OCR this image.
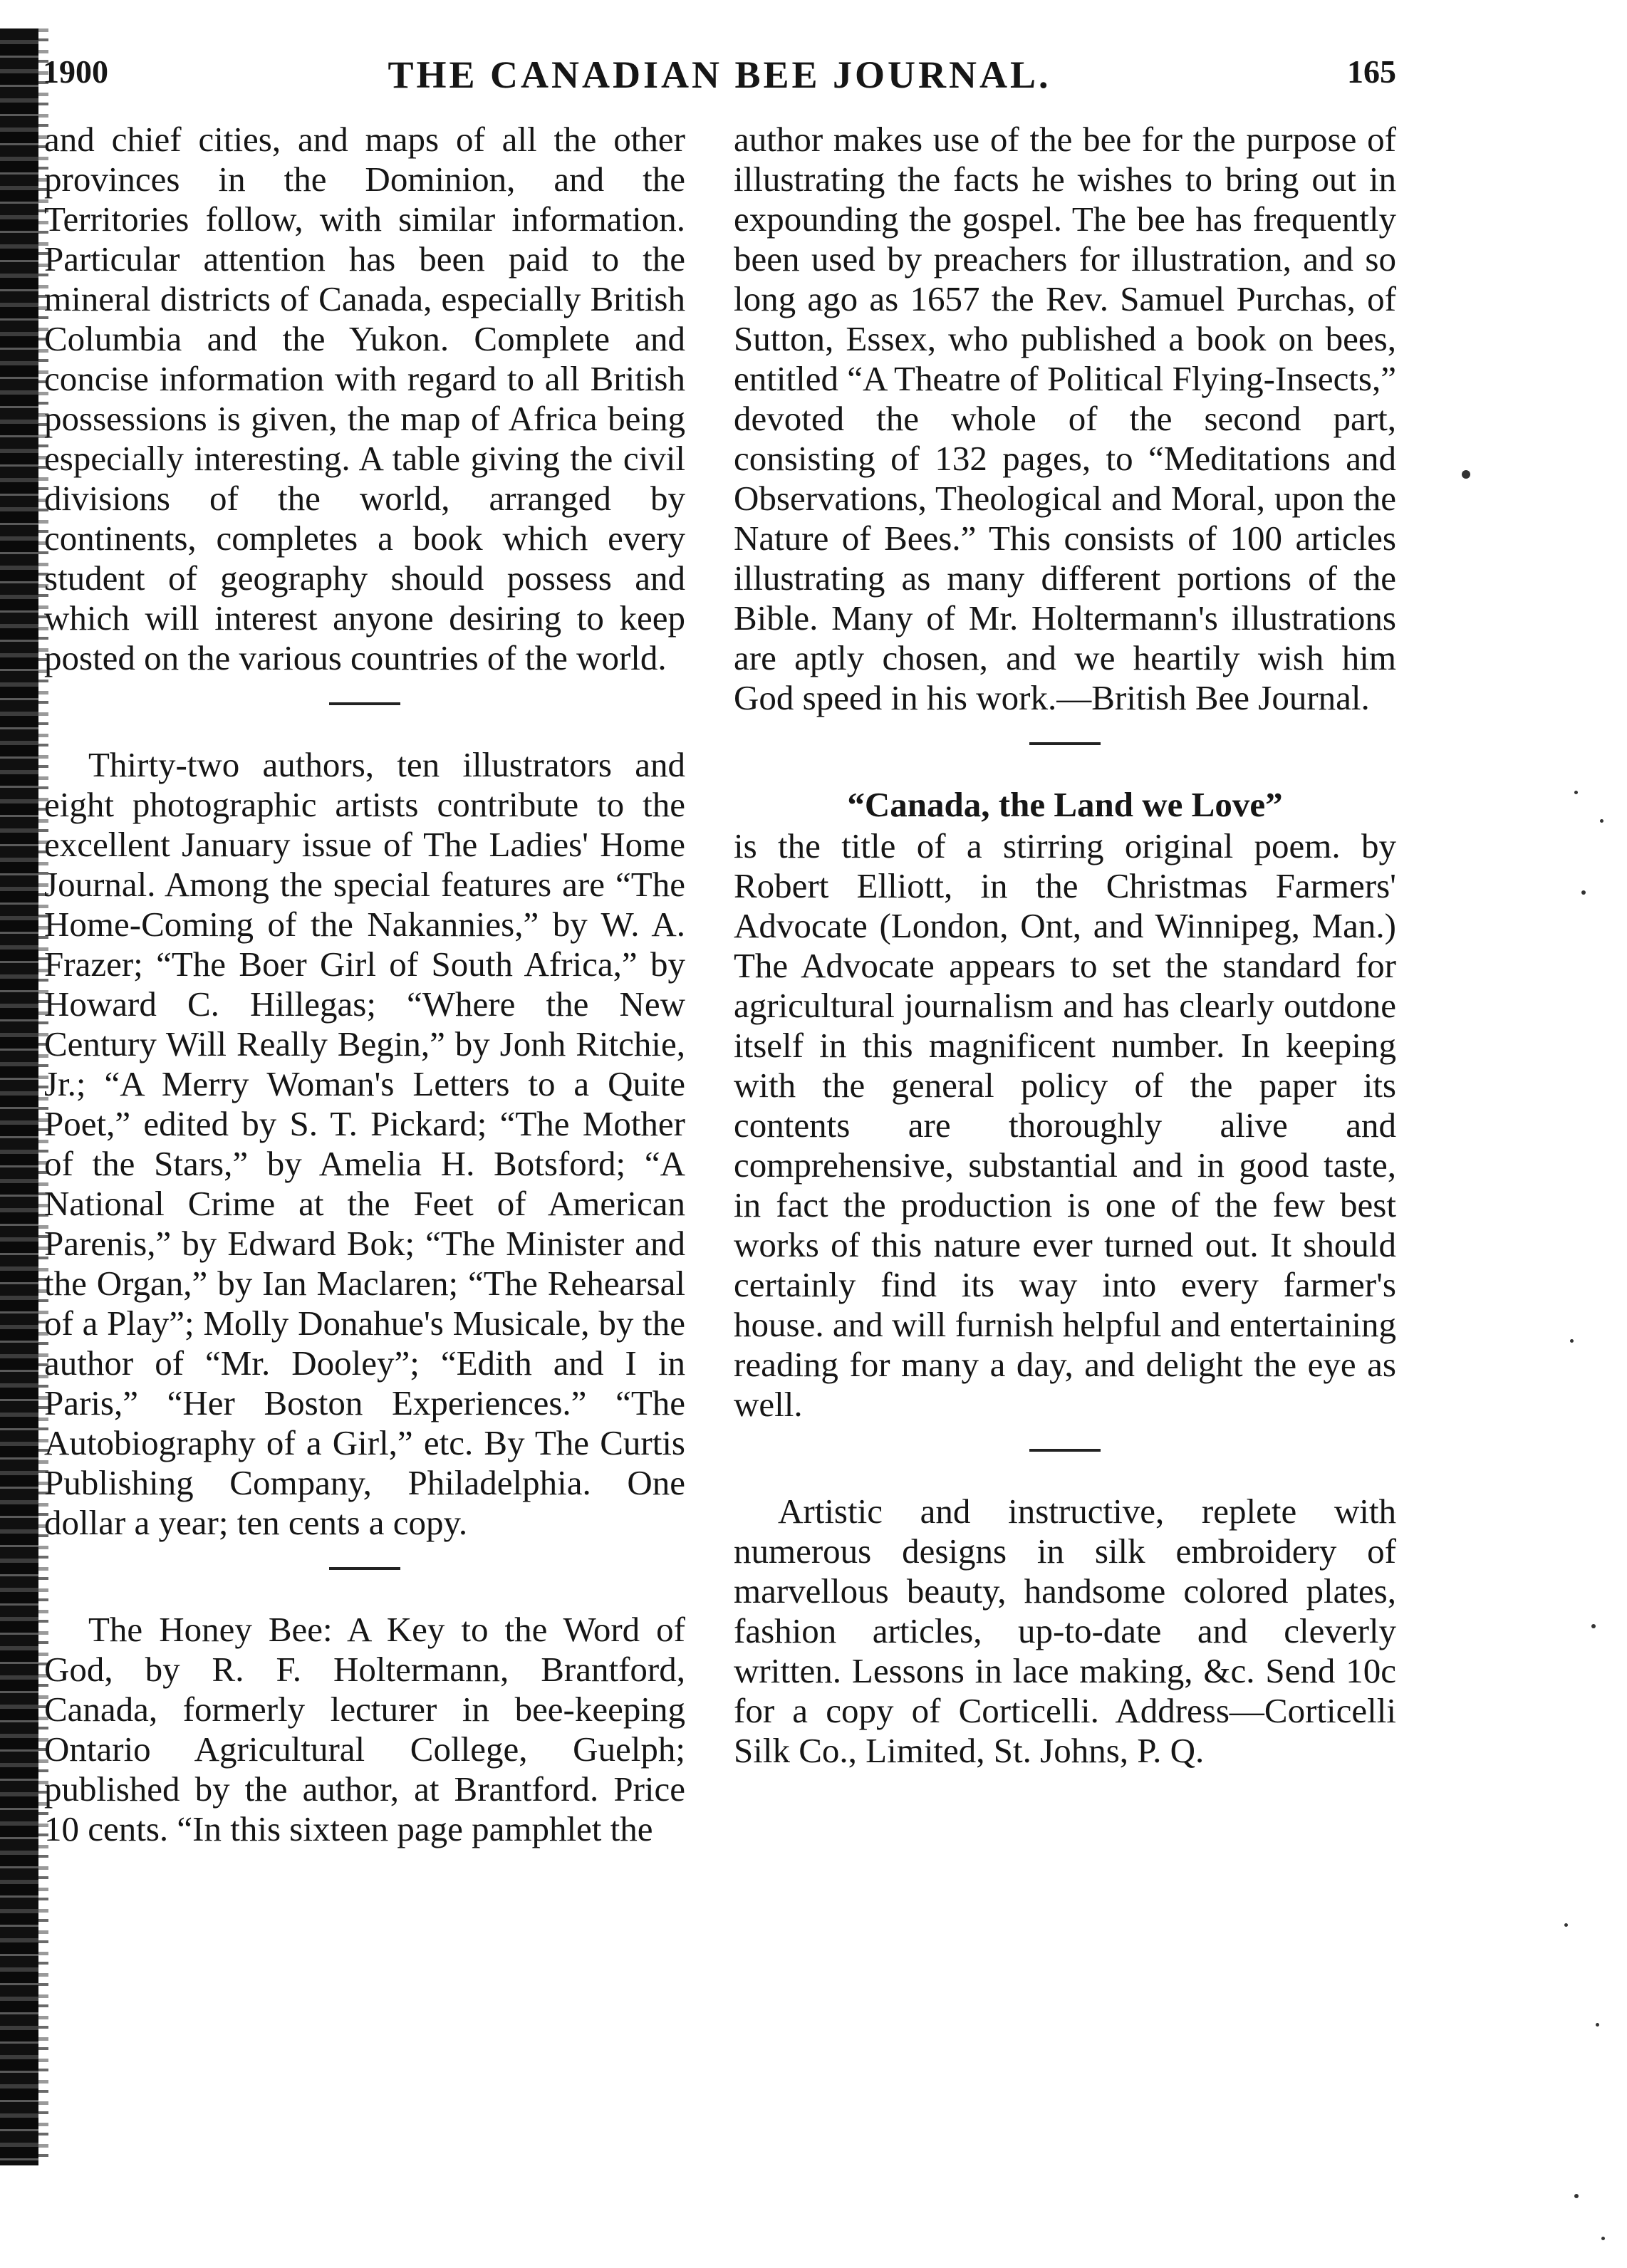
1900	THE CANADIAN BEE JOURNAL.	165

and chief cities, and maps of all the other provinces in the Dominion, and the Territories follow, with similar information. Particular attention has been paid to the mineral districts of Canada, especially British Columbia and the Yukon. Complete and concise information with regard to all British possessions is given, the map of Africa being especially interesting. A table giving the civil divisions of the world, arranged by continents, completes a book which every student of geography should possess and which will interest anyone desiring to keep posted on the various countries of the world.

Thirty-two authors, ten illustrators and eight photographic artists contribute to the excellent January issue of The Ladies' Home Journal. Among the special features are “The Home-Coming of the Nakannies,” by W. A. Frazer; “The Boer Girl of South Africa,” by Howard C. Hillegas; “Where the New Century Will Really Begin,” by Jonh Ritchie, Jr.; “A Merry Woman's Letters to a Quite Poet,” edited by S. T. Pickard; “The Mother of the Stars,” by Amelia H. Botsford; “A National Crime at the Feet of American Parenis,” by Edward Bok; “The Minister and the Organ,” by Ian Maclaren; “The Rehearsal of a Play”; Molly Donahue's Musicale, by the author of “Mr. Dooley”; “Edith and I in Paris,” “Her Boston Experiences.” “The Autobiography of a Girl,” etc. By The Curtis Publishing Company, Philadelphia. One dollar a year; ten cents a copy.

The Honey Bee: A Key to the Word of God, by R. F. Holtermann, Brantford, Canada, formerly lecturer in bee-keeping Ontario Agricultural College, Guelph; published by the author, at Brantford. Price 10 cents. “In this sixteen page pamphlet the

author makes use of the bee for the purpose of illustrating the facts he wishes to bring out in expounding the gospel. The bee has frequently been used by preachers for illustration, and so long ago as 1657 the Rev. Samuel Purchas, of Sutton, Essex, who published a book on bees, entitled “A Theatre of Political Flying-Insects,” devoted the whole of the second part, consisting of 132 pages, to “Meditations and Observations, Theological and Moral, upon the Nature of Bees.” This consists of 100 articles illustrating as many different portions of the Bible. Many of Mr. Holtermann's illustrations are aptly chosen, and we heartily wish him God speed in his work.—British Bee Journal.

“Canada, the Land we Love”

is the title of a stirring original poem. by Robert Elliott, in the Christmas Farmers' Advocate (London, Ont, and Winnipeg, Man.) The Advocate appears to set the standard for agricultural journalism and has clearly outdone itself in this magnificent number. In keeping with the general policy of the paper its contents are thoroughly alive and comprehensive, substantial and in good taste, in fact the production is one of the few best works of this nature ever turned out. It should certainly find its way into every farmer's house. and will furnish helpful and entertaining reading for many a day, and delight the eye as well.

Artistic and instructive, replete with numerous designs in silk embroidery of marvellous beauty, handsome colored plates, fashion articles, up-to-date and cleverly written. Lessons in lace making, &c. Send 10c for a copy of Corticelli. Address—Corticelli Silk Co., Limited, St. Johns, P. Q.
